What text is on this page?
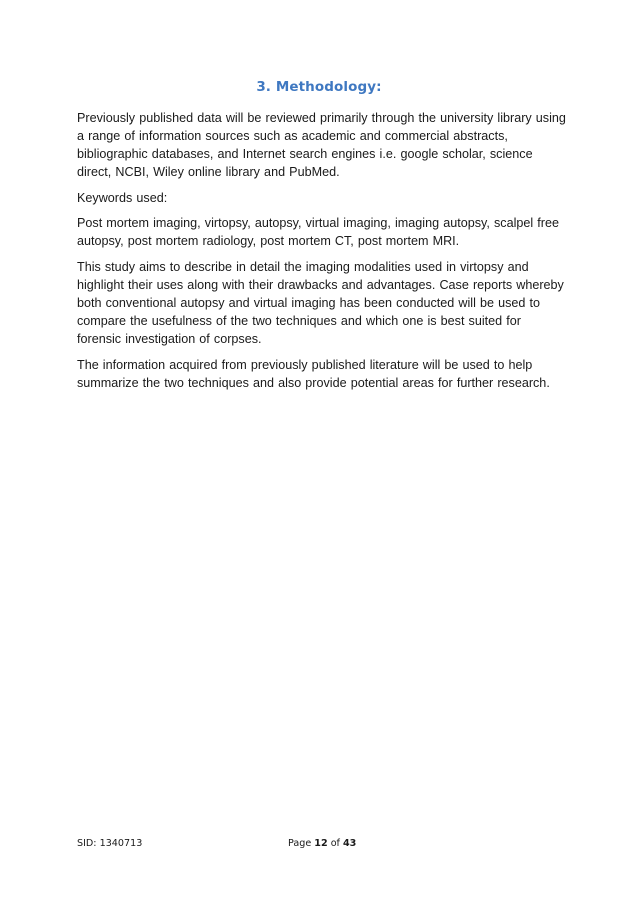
3. Methodology:

Previously published data will be reviewed primarily through the university library using a range of information sources such as academic and commercial abstracts, bibliographic databases, and Internet search engines i.e. google scholar, science direct, NCBI, Wiley online library and PubMed.

Keywords used:

Post mortem imaging, virtopsy, autopsy, virtual imaging, imaging autopsy, scalpel free autopsy, post mortem radiology, post mortem CT, post mortem MRI.

This study aims to describe in detail the imaging modalities used in virtopsy and highlight their uses along with their drawbacks and advantages. Case reports whereby both conventional autopsy and virtual imaging has been conducted will be used to compare the usefulness of the two techniques and which one is best suited for forensic investigation of corpses.

The information acquired from previously published literature will be used to help summarize the two techniques and also provide potential areas for further research.

SID: 1340713	Page 12 of 43
